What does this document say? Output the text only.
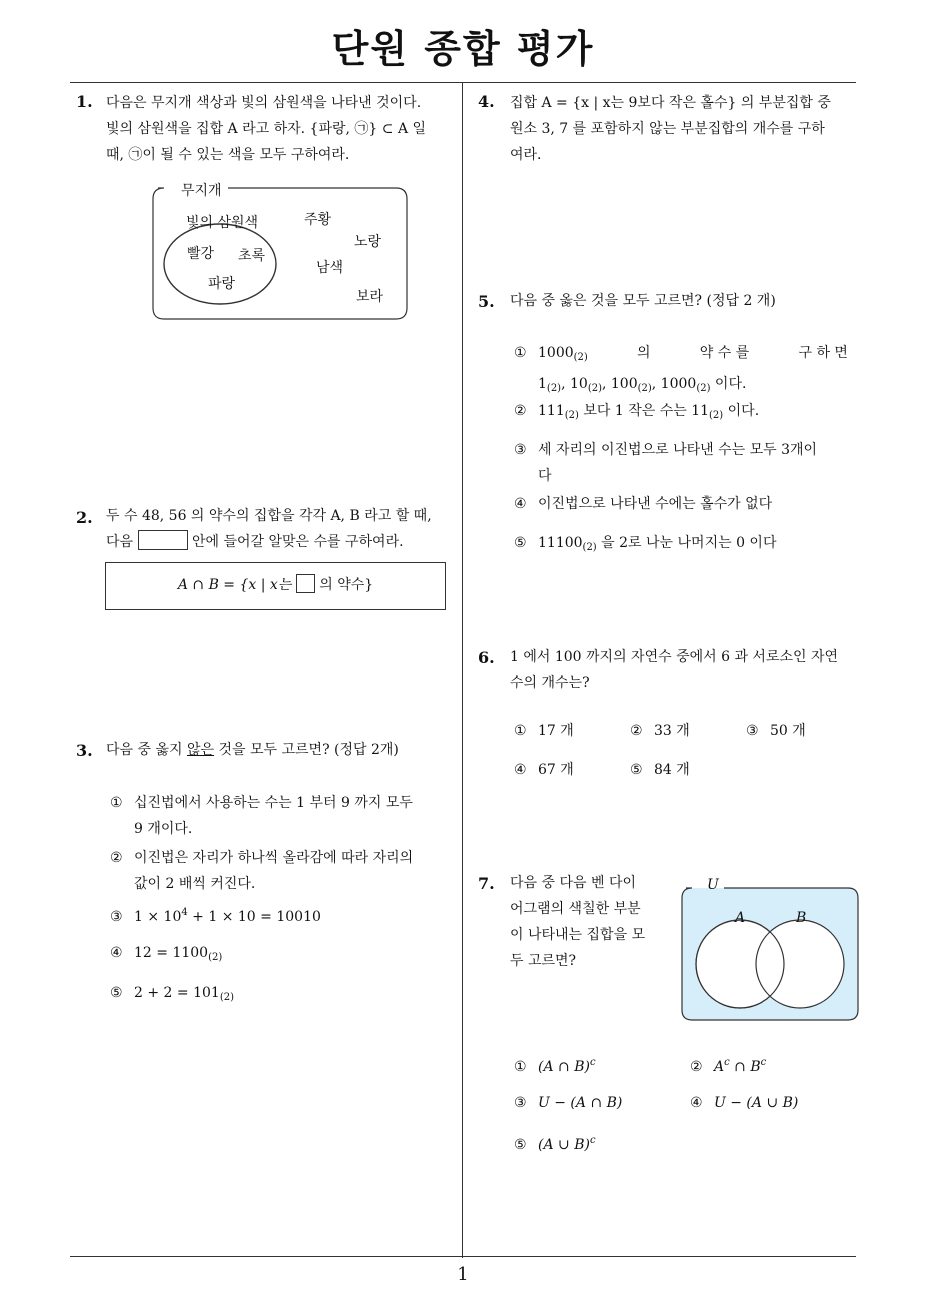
단원 종합 평가
1. 다음은 무지개 색상과 빛의 삼원색을 나타낸 것이다.
빛의 삼원색을 집합 A 라고 하자. {파랑, ㉠} ⊂ A 일
때, ㉠이 될 수 있는 색을 모두 구하여라.
무지개
빛의 삼원색
빨강 초록
파랑
주황
노랑
남색
보라
2. 두 수 48, 56 의 약수의 집합을 각각 A, B 라고 할 때,
다음	안에 들어갈 알맞은 수를 구하여라.
A ∩ B = {x | x는 의 약수}
3. 다음 중 옳지 않은 것을 모두 고르면? (정답 2개)
① 십진법에서 사용하는 수는 1 부터 9 까지 모두
9 개이다.
② 이진법은 자리가 하나씩 올라감에 따라 자리의
값이 2 배씩 커진다.
③ $1 \times 10^4 + 1 \times 10 = 10010$
④ $12 = 1100_{(2)}$
⑤ $2 + 2 = 101_{(2)}$
4. 집합 A = {x | x는 9보다 작은 홀수} 의 부분집합 중
원소 3, 7 를 포함하지 않는 부분집합의 개수를 구하
여라.
5. 다음 중 옳은 것을 모두 고르면? (정답 2 개)
① $1000_{(2)}$	의	약 수 를	구 하 면
$1_{(2)}$, $10_{(2)}$, $100_{(2)}$, $1000_{(2)}$ 이다.
② $111_{(2)}$ 보다 1 작은 수는 $11_{(2)}$ 이다.
③ 세 자리의 이진법으로 나타낸 수는 모두 3개이
다
④ 이진법으로 나타낸 수에는 홀수가 없다
⑤ $11100_{(2)}$ 을 2로 나눈 나머지는 0 이다
6. 1 에서 100 까지의 자연수 중에서 6 과 서로소인 자연
수의 개수는?
① 17 개	② 33 개	③ 50 개
④ 67 개	⑤ 84 개
7. 다음 중 다음 벤 다이
어그램의 색칠한 부분
이 나타내는 집합을 모
두 고르면?
U
A	B
① (A ∩ B)$^c$	② $A^c$ ∩ $B^c$
③ U − (A ∩ B)	④ U − (A ∪ B)
⑤ (A ∪ B)$^c$
1
